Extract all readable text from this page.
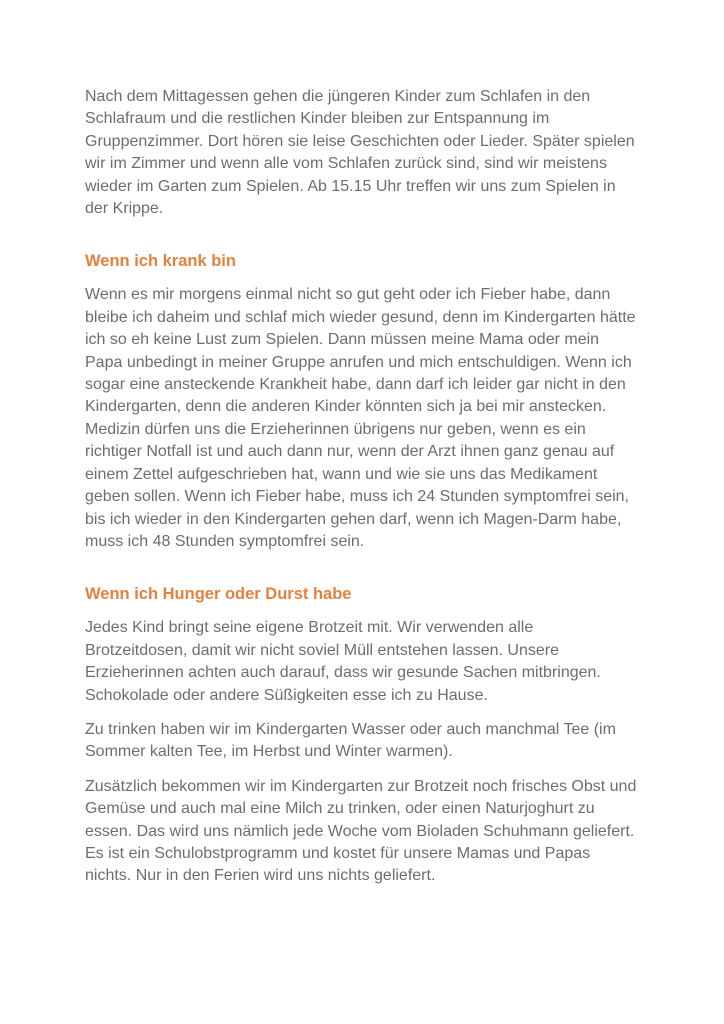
Nach dem Mittagessen gehen die jüngeren Kinder zum Schlafen in den Schlafraum und die restlichen Kinder bleiben zur Entspannung im Gruppenzimmer. Dort hören sie leise Geschichten oder Lieder. Später spielen wir im Zimmer und wenn alle vom Schlafen zurück sind, sind wir meistens wieder im Garten zum Spielen. Ab 15.15 Uhr treffen wir uns zum Spielen in der Krippe.

Wenn ich krank bin

Wenn es mir morgens einmal nicht so gut geht oder ich Fieber habe, dann bleibe ich daheim und schlaf mich wieder gesund, denn im Kindergarten hätte ich so eh keine Lust zum Spielen. Dann müssen meine Mama oder mein Papa unbedingt in meiner Gruppe anrufen und mich entschuldigen. Wenn ich sogar eine ansteckende Krankheit habe, dann darf ich leider gar nicht in den Kindergarten, denn die anderen Kinder könnten sich ja bei mir anstecken. Medizin dürfen uns die Erzieherinnen übrigens nur geben, wenn es ein richtiger Notfall ist und auch dann nur, wenn der Arzt ihnen ganz genau auf einem Zettel aufgeschrieben hat, wann und wie sie uns das Medikament geben sollen. Wenn ich Fieber habe, muss ich 24 Stunden symptomfrei sein, bis ich wieder in den Kindergarten gehen darf, wenn ich Magen-Darm habe, muss ich 48 Stunden symptomfrei sein.

Wenn ich Hunger oder Durst habe

Jedes Kind bringt seine eigene Brotzeit mit. Wir verwenden alle Brotzeitdosen, damit wir nicht soviel Müll entstehen lassen. Unsere Erzieherinnen achten auch darauf, dass wir gesunde Sachen mitbringen. Schokolade oder andere Süßigkeiten esse ich zu Hause.

Zu trinken haben wir im Kindergarten Wasser oder auch manchmal Tee (im Sommer kalten Tee, im Herbst und Winter warmen).

Zusätzlich bekommen wir im Kindergarten zur Brotzeit noch frisches Obst und Gemüse und auch mal eine Milch zu trinken, oder einen Naturjoghurt zu essen. Das wird uns nämlich jede Woche vom Bioladen Schuhmann geliefert. Es ist ein Schulobstprogramm und kostet für unsere Mamas und Papas nichts. Nur in den Ferien wird uns nichts geliefert.
